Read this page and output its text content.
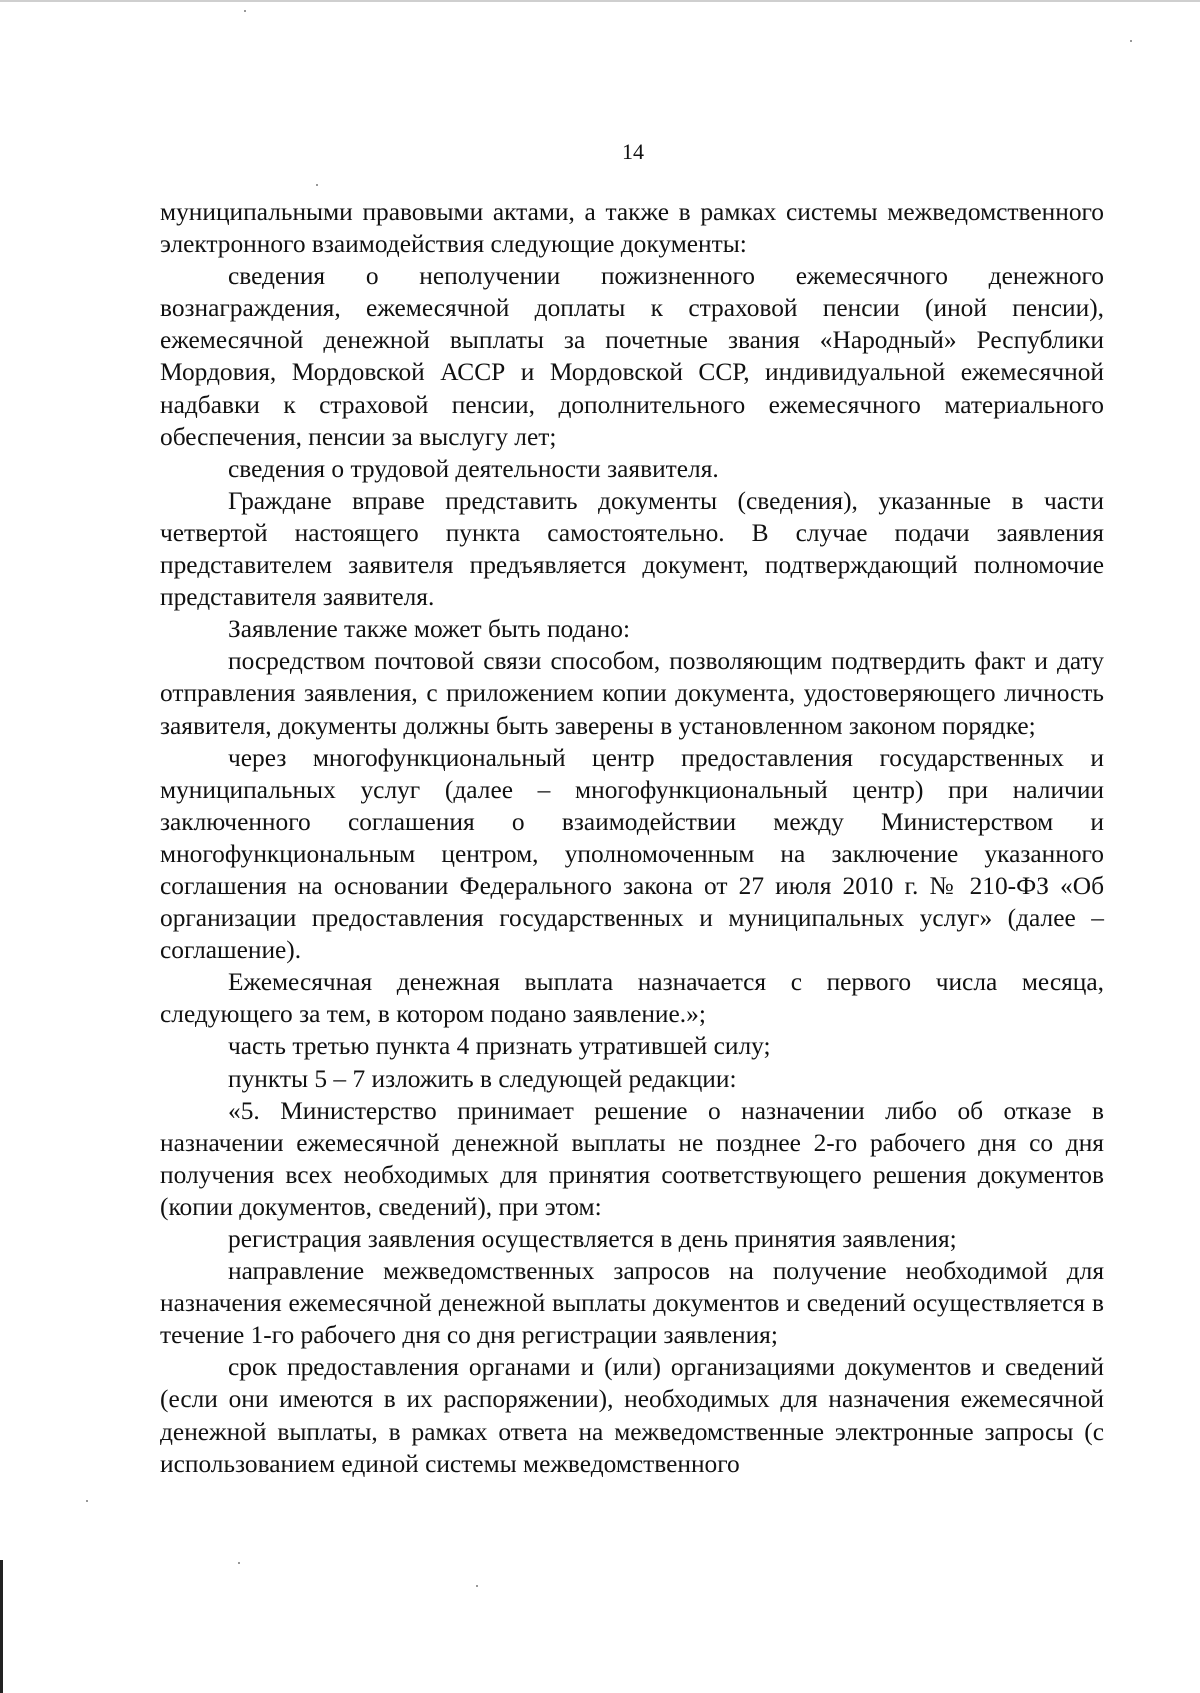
14

муниципальными правовыми актами, а также в рамках системы межведомственного электронного взаимодействия следующие документы:

сведения о неполучении пожизненного ежемесячного денежного вознаграждения, ежемесячной доплаты к страховой пенсии (иной пенсии), ежемесячной денежной выплаты за почетные звания «Народный» Республики Мордовия, Мордовской АССР и Мордовской ССР, индивидуальной ежемесячной надбавки к страховой пенсии, дополнительного ежемесячного материального обеспечения, пенсии за выслугу лет;

сведения о трудовой деятельности заявителя.

Граждане вправе представить документы (сведения), указанные в части четвертой настоящего пункта самостоятельно. В случае подачи заявления представителем заявителя предъявляется документ, подтверждающий полномочие представителя заявителя.

Заявление также может быть подано:

посредством почтовой связи способом, позволяющим подтвердить факт и дату отправления заявления, с приложением копии документа, удостоверяющего личность заявителя, документы должны быть заверены в установленном законом порядке;

через многофункциональный центр предоставления государственных и муниципальных услуг (далее – многофункциональный центр) при наличии заключенного соглашения о взаимодействии между Министерством и многофункциональным центром, уполномоченным на заключение указанного соглашения на основании Федерального закона от 27 июля 2010 г. № 210-ФЗ «Об организации предоставления государственных и муниципальных услуг» (далее – соглашение).

Ежемесячная денежная выплата назначается с первого числа месяца, следующего за тем, в котором подано заявление.»;

часть третью пункта 4 признать утратившей силу;

пункты 5 – 7 изложить в следующей редакции:

«5. Министерство принимает решение о назначении либо об отказе в назначении ежемесячной денежной выплаты не позднее 2-го рабочего дня со дня получения всех необходимых для принятия соответствующего решения документов (копии документов, сведений), при этом:

регистрация заявления осуществляется в день принятия заявления;

направление межведомственных запросов на получение необходимой для назначения ежемесячной денежной выплаты документов и сведений осуществляется в течение 1-го рабочего дня со дня регистрации заявления;

срок предоставления органами и (или) организациями документов и сведений (если они имеются в их распоряжении), необходимых для назначения ежемесячной денежной выплаты, в рамках ответа на межведомственные электронные запросы (с использованием единой системы межведомственного
